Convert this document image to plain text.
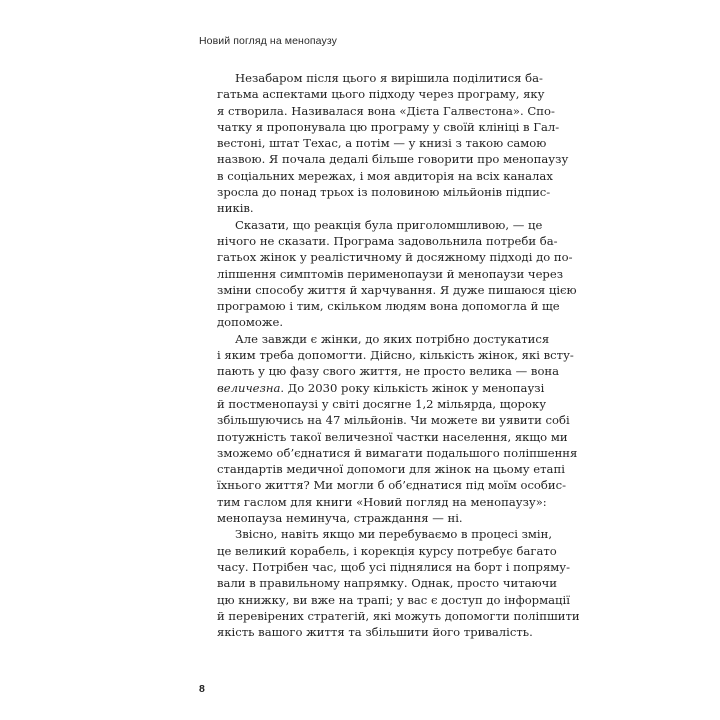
Новий погляд на менопаузу

Незабаром після цього я вирішила поділитися ба-
гатьма аспектами цього підходу через програму, яку
я створила. Називалася вона «Дієта Галвестона». Спо-
чатку я пропонувала цю програму у своїй клініці в Гал-
вестоні, штат Техас, а потім — у книзі з такою самою
назвою. Я почала дедалі більше говорити про менопаузу
в соціальних мережах, і моя авдиторія на всіх каналах
зросла до понад трьох із половиною мільйонів підпис-
ників.

Сказати, що реакція була приголомшливою, — це
нічого не сказати. Програма задовольнила потреби ба-
гатьох жінок у реалістичному й досяжному підході до по-
ліпшення симптомів перименопаузи й менопаузи через
зміни способу життя й харчування. Я дуже пишаюся цією
програмою і тим, скільком людям вона допомогла й ще
допоможе.

Але завжди є жінки, до яких потрібно достукатися
і яким треба допомогти. Дійсно, кількість жінок, які всту-
пають у цю фазу свого життя, не просто велика — вона
величезна. До 2030 року кількість жінок у менопаузі
й постменопаузі у світі досягне 1,2 мільярда, щороку
збільшуючись на 47 мільйонів. Чи можете ви уявити собі
потужність такої величезної частки населення, якщо ми
зможемо об’єднатися й вимагати подальшого поліпшення
стандартів медичної допомоги для жінок на цьому етапі
їхнього життя? Ми могли б об’єднатися під моїм особис-
тим гаслом для книги «Новий погляд на менопаузу»:
менопауза неминуча, страждання — ні.

Звісно, навіть якщо ми перебуваємо в процесі змін,
це великий корабель, і корекція курсу потребує багато
часу. Потрібен час, щоб усі піднялися на борт і попряму-
вали в правильному напрямку. Однак, просто читаючи
цю книжку, ви вже на трапі; у вас є доступ до інформації
й перевірених стратегій, які можуть допомогти поліпшити
якість вашого життя та збільшити його тривалість.

8
